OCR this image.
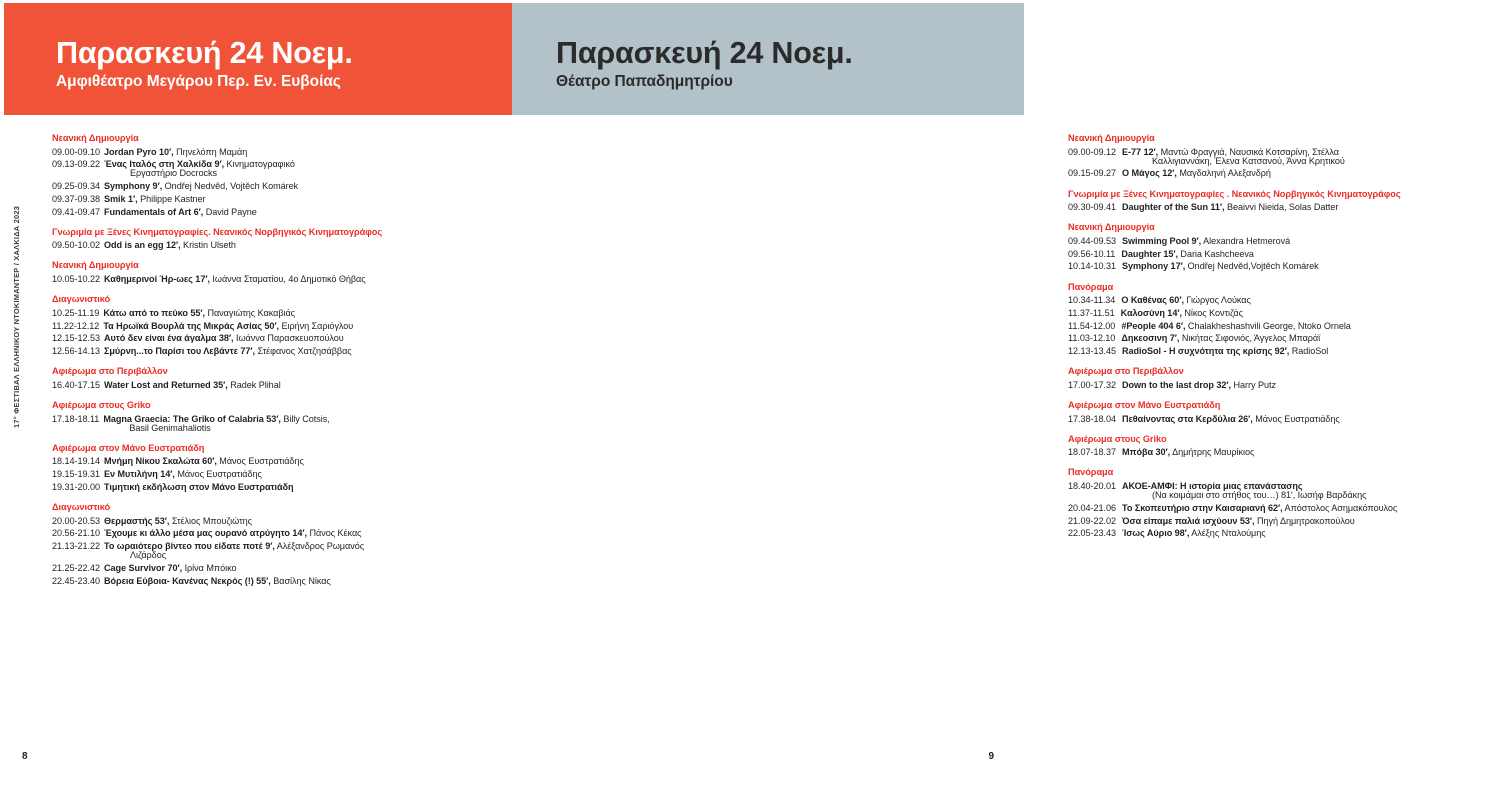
Παρασκευή 24 Νοεμ.
Αμφιθέατρο Μεγάρου Περ. Εν. Ευβοίας
17° ΦΕΣΤΙΒΑΛ ΕΛΛΗΝΙΚΟΥ ΝΤΟΚΙΜΑΝΤΕΡ / ΧΑΛΚΙΔΑ 2023
Νεανική Δημιουργία
09.00-09.10 Jordan Pyro 10′, Πηνελόπη Μαμάη
09.13-09.22 Ένας Ιταλός στη Χαλκίδα 9′, Κινηματογραφικό
Εργαστήριο Docrocks
09.25-09.34 Symphony 9′, Ondřej Nedvěd, Vojtěch Komárek
09.37-09.38 Smik 1′, Philippe Kastner
09.41-09.47 Fundamentals of Art 6′, David Payne
Γνωριμία με Ξένες Κινηματογραφίες. Νεανικός Νορβηγικός Κινηματογράφος
09.50-10.02 Odd is an egg 12′, Kristin Ulseth
Νεανική Δημιουργία
10.05-10.22 Καθημερινοί Ήρ-ωες 17′, Ιωάννα Σταματίου, 4ο Δημοτικό Θήβας
Διαγωνιστικό
10.25-11.19 Κάτω από το πεύκο 55′, Παναγιώτης Κακαβιάς
11.22-12.12 Τα Ηρωϊκά Βουρλά της Μικράς Ασίας 50′, Ειρήνη Σαριόγλου
12.15-12.53 Αυτό δεν είναι ένα άγαλμα 38′, Ιωάννα Παρασκευοπούλου
12.56-14.13 Σμύρνη...το Παρίσι του Λεβάντε 77′, Στέφανος Χατζησάββας
Αφιέρωμα στο Περιβάλλον
16.40-17.15 Water Lost and Returned 35′, Radek Plihal
Αφιέρωμα στους Griko
17.18-18.11 Magna Graecia: The Griko of Calabria 53′, Billy Cotsis,
Basil Genimahaliotis
Αφιέρωμα στον Μάνο Ευστρατιάδη
18.14-19.14 Μνήμη Νίκου Σκαλώτα 60′, Μάνος Ευστρατιάδης
19.15-19.31 Εν Μυτιλήνη 14′, Μάνος Ευστρατιάδης
19.31-20.00 Τιμητική εκδήλωση στον Μάνο Ευστρατιάδη
Διαγωνιστικό
20.00-20.53 Θερμαστής 53′, Στέλιος Μπουζιώτης
20.56-21.10 Έχουμε κι άλλο μέσα μας ουρανό ατρύγητο 14′, Πάνος Κέκας
21.13-21.22 Το ωραιότερο βίντεο που είδατε ποτέ 9′, Αλέξανδρος Ρωμανός
Λιζάρδος
21.25-22.42 Cage Survivor 70′, Ιρίνα Μπόικο
22.45-23.40 Βόρεια Εύβοια- Κανένας Νεκρός (!) 55′, Βασίλης Νίκας
8
Παρασκευή 24 Νοεμ.
Θέατρο Παπαδημητρίου
Νεανική Δημιουργία
09.00-09.12 E-77 12′, Μαντώ Φραγγιά, Ναυσικά Κοτσαρίνη, Στέλλα
Καλλιγιαννάκη, Έλενα Κατσανού, Άννα Κρητικού
09.15-09.27 Ο Μάγος 12′, Μαγδαληνή Αλεξανδρή
Γνωριμία με Ξένες Κινηματογραφίες . Νεανικός Νορβηγικός Κινηματογράφος
09.30-09.41 Daughter of the Sun 11′, Beaivvi Nieida, Solas Datter
Νεανική Δημιουργία
09.44-09.53 Swimming Pool 9′, Alexandra Hetmerová
09.56-10.11 Daughter 15′, Daria Kashcheeva
10.14-10.31 Symphony 17′, Ondřej Nedvěd,Vojtěch Komárek
Πανόραμα
10.34-11.34 Ο Καθένας 60′, Γιώργος Λούκας
11.37-11.51 Καλοσύνη 14′, Νίκος Κοντιζάς
11.54-12.00 #People 404 6′, Chalakheshashvili George, Ntoko Ornela
11.03-12.10 Δηκεοσινη 7′, Νικήτας Σιφονιός, Άγγελος Μπαράϊ
12.13-13.45 RadioSol - Η συχνότητα της κρίσης 92′, RadioSol
Αφιέρωμα στο Περιβάλλον
17.00-17.32 Down to the last drop 32′, Harry Putz
Αφιέρωμα στον Μάνο Ευστρατιάδη
17.38-18.04 Πεθαίνοντας στα Κερδύλια 26′, Μάνος Ευστρατιάδης
Αφιέρωμα στους Griko
18.07-18.37 Μπόβα 30′, Δημήτρης Μαυρίκιος
Πανόραμα
18.40-20.01 ΑΚΟΕ-ΑΜΦΙ: Η ιστορία μιας επανάστασης
(Να κοιμάμαι στο στήθος του…) 81′, Ιωσήφ Βαρδάκης
20.04-21.06 Το Σκοπευτήριο στην Καισαριανή 62′, Απόστολος Ασημακόπουλος
21.09-22.02 Όσα είπαμε παλιά ισχύουν 53′, Πηγή Δημητρακοπούλου
22.05-23.43 Ίσως Αύριο 98′, Αλέξης Νταλούμης
9
